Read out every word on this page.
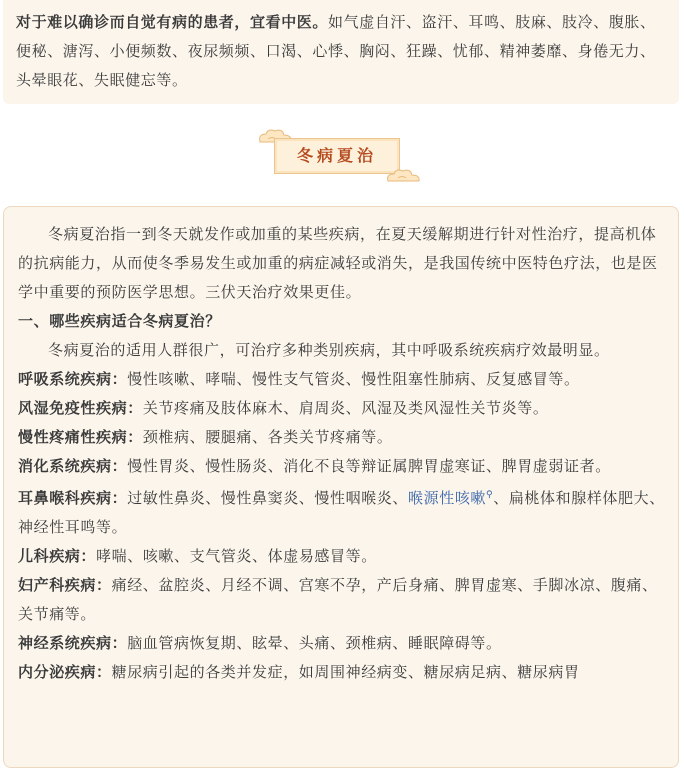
对于难以确诊而自觉有病的患者，宜看中医。如气虚自汗、盗汗、耳鸣、肢麻、肢冷、腹胀、便秘、溏泻、小便频数、夜尿频频、口渴、心悸、胸闷、狂躁、忧郁、精神萎靡、身倦无力、头晕眼花、失眠健忘等。

冬病夏治

冬病夏治指一到冬天就发作或加重的某些疾病，在夏天缓解期进行针对性治疗，提高机体的抗病能力，从而使冬季易发生或加重的病症减轻或消失，是我国传统中医特色疗法，也是医学中重要的预防医学思想。三伏天治疗效果更佳。

一、哪些疾病适合冬病夏治？

冬病夏治的适用人群很广，可治疗多种类别疾病，其中呼吸系统疾病疗效最明显。

呼吸系统疾病：慢性咳嗽、哮喘、慢性支气管炎、慢性阻塞性肺病、反复感冒等。

风湿免疫性疾病：关节疼痛及肢体麻木、肩周炎、风湿及类风湿性关节炎等。

慢性疼痛性疾病：颈椎病、腰腿痛、各类关节疼痛等。

消化系统疾病：慢性胃炎、慢性肠炎、消化不良等辩证属脾胃虚寒证、脾胃虚弱证者。

耳鼻喉科疾病：过敏性鼻炎、慢性鼻窦炎、慢性咽喉炎、喉源性咳嗽⚲、扁桃体和腺样体肥大、神经性耳鸣等。

儿科疾病：哮喘、咳嗽、支气管炎、体虚易感冒等。

妇产科疾病：痛经、盆腔炎、月经不调、宫寒不孕，产后身痛、脾胃虚寒、手脚冰凉、腹痛、关节痛等。

神经系统疾病：脑血管病恢复期、眩晕、头痛、颈椎病、睡眠障碍等。

内分泌疾病：糖尿病引起的各类并发症，如周围神经病变、糖尿病足病、糖尿病胃
